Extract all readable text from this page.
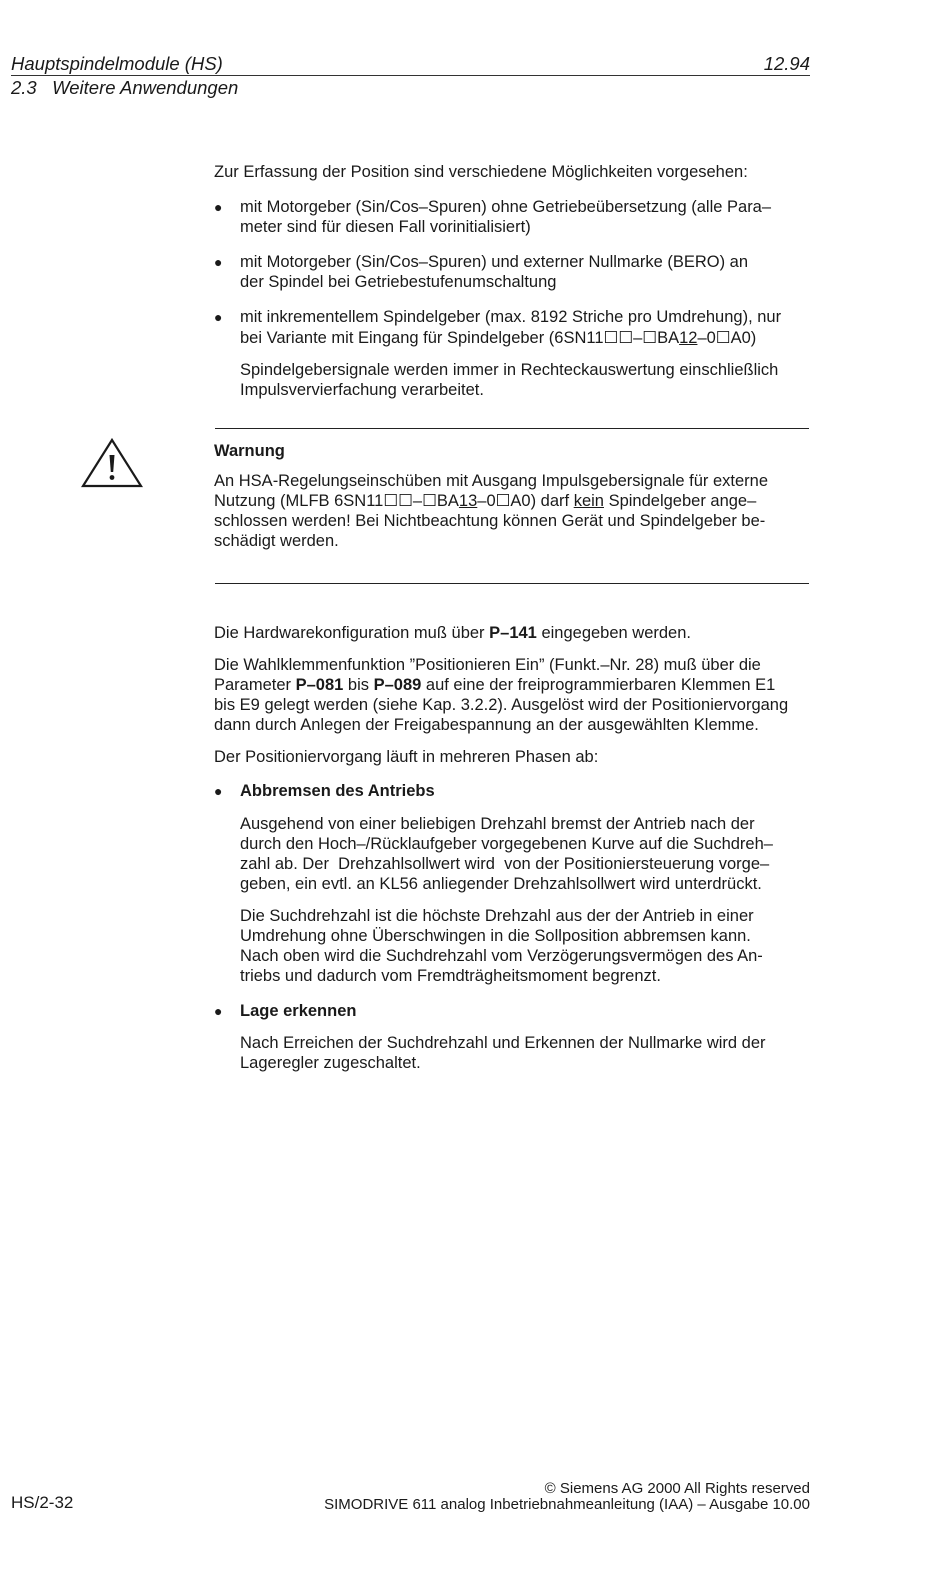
Hauptspindelmodule (HS)	12.94
2.3   Weitere Anwendungen
Zur Erfassung der Position sind verschiedene Möglichkeiten vorgesehen:
● mit Motorgeber (Sin/Cos–Spuren) ohne Getriebeübersetzung (alle Para–
meter sind für diesen Fall vorinitialisiert)
● mit Motorgeber (Sin/Cos–Spuren) und externer Nullmarke (BERO) an
der Spindel bei Getriebestufenumschaltung
● mit inkrementellem Spindelgeber (max. 8192 Striche pro Umdrehung), nur
bei Variante mit Eingang für Spindelgeber (6SN11☐☐–☐BA12–0☐A0)
Spindelgebersignale werden immer in Rechteckauswertung einschließlich
Impulsvervierfachung verarbeitet.
Warnung
An HSA-Regelungseinschüben mit Ausgang Impulsgebersignale für externe
Nutzung (MLFB 6SN11☐☐–☐BA13–0☐A0) darf kein Spindelgeber ange–
schlossen werden! Bei Nichtbeachtung können Gerät und Spindelgeber be-
schädigt werden.
Die Hardwarekonfiguration muß über P–141 eingegeben werden.
Die Wahlklemmenfunktion ”Positionieren Ein” (Funkt.–Nr. 28) muß über die
Parameter P–081 bis P–089 auf eine der freiprogrammierbaren Klemmen E1
bis E9 gelegt werden (siehe Kap. 3.2.2). Ausgelöst wird der Positioniervorgang
dann durch Anlegen der Freigabespannung an der ausgewählten Klemme.
Der Positioniervorgang läuft in mehreren Phasen ab:
● Abbremsen des Antriebs
Ausgehend von einer beliebigen Drehzahl bremst der Antrieb nach der
durch den Hoch–/Rücklaufgeber vorgegebenen Kurve auf die Suchdreh–
zahl ab. Der  Drehzahlsollwert wird  von der Positioniersteuerung vorge–
geben, ein evtl. an KL56 anliegender Drehzahlsollwert wird unterdrückt.
Die Suchdrehzahl ist die höchste Drehzahl aus der der Antrieb in einer
Umdrehung ohne Überschwingen in die Sollposition abbremsen kann.
Nach oben wird die Suchdrehzahl vom Verzögerungsvermögen des An-
triebs und dadurch vom Fremdträgheitsmoment begrenzt.
● Lage erkennen
Nach Erreichen der Suchdrehzahl und Erkennen der Nullmarke wird der
Lageregler zugeschaltet.
HS/2-32
© Siemens AG 2000 All Rights reserved
SIMODRIVE 611 analog Inbetriebnahmeanleitung (IAA) – Ausgabe 10.00
